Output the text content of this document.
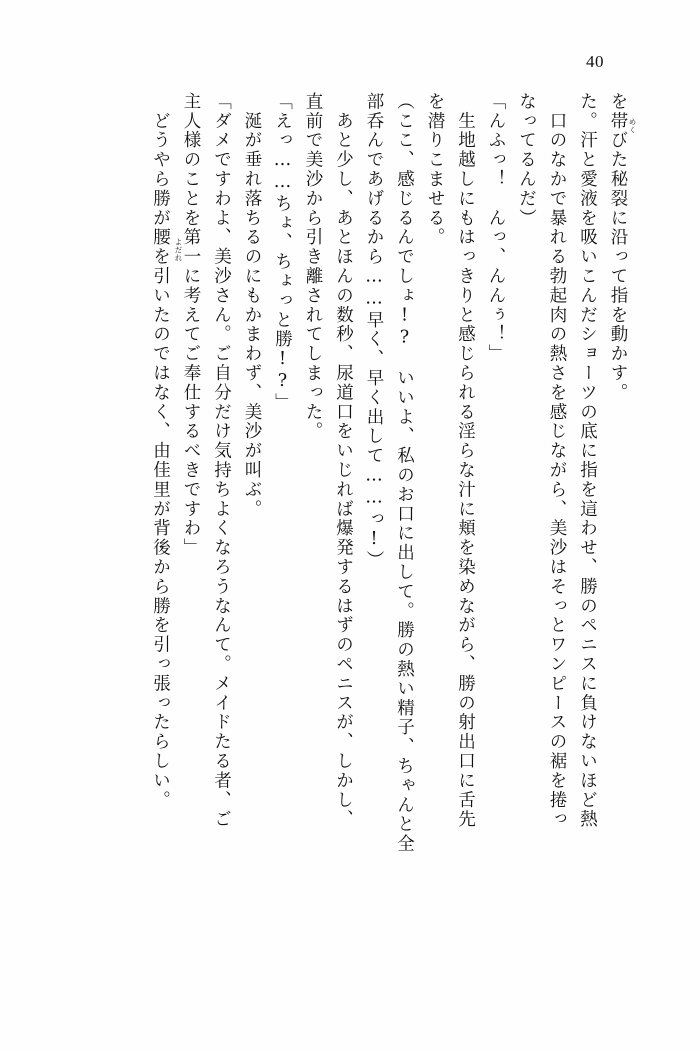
40
を帯びた秘裂に沿って指を動かす。
た。汗と愛液を吸いこんだショーツの底に指を這わせ、勝のペニスに負けないほど熱
　口のなかで暴れる勃起肉の熱さを感じながら、美沙はそっとワンピースの裾を捲っ
なってるんだ）
「んふっ！　んっ、んんぅ！」
　生地越しにもはっきりと感じられる淫らな汁に頬を染めながら、勝の射出口に舌先
を潜りこませる。
（ここ、感じるんでしょ!?　いいよ、私のお口に出して。勝の熱い精子、ちゃんと全
部呑んであげるから……早く、早く出して……っ!）
　あと少し、あとほんの数秒、尿道口をいじれば爆発するはずのペニスが、しかし、
直前で美沙から引き離されてしまった。
「えっ……ちょ、ちょっと勝!?」
　涎が垂れ落ちるのにもかまわず、美沙が叫ぶ。
「ダメですわよ、美沙さん。ご自分だけ気持ちよくなろうなんて。メイドたる者、ご
主人様のことを第一に考えてご奉仕するべきですわ」
　どうやら勝が腰を引いたのではなく、由佳里が背後から勝を引っ張ったらしい。	めく
よだれ
